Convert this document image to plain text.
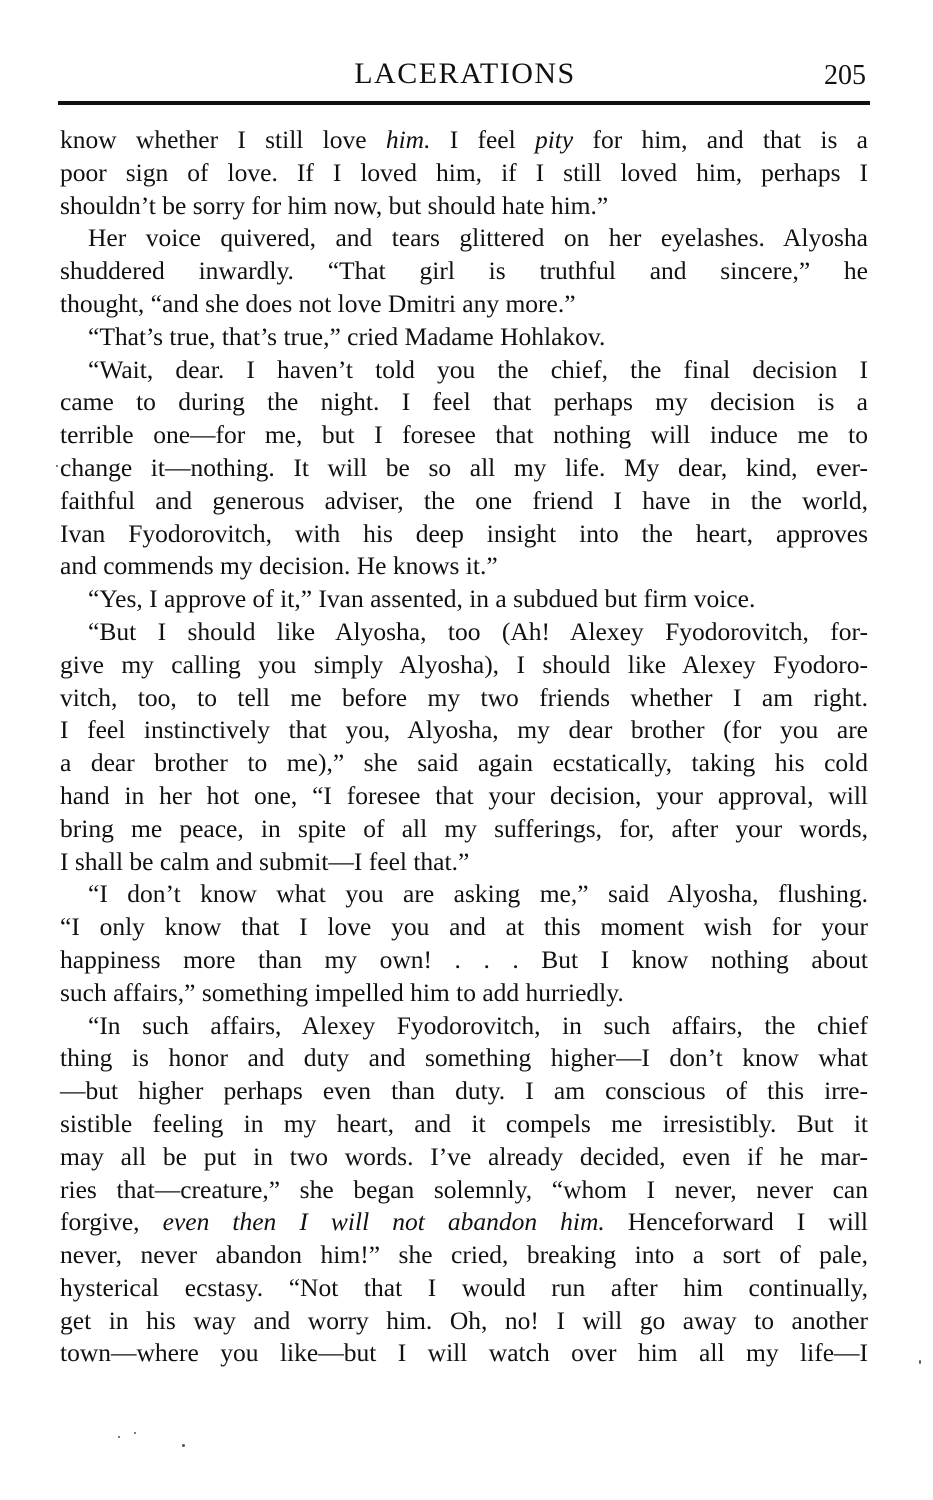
LACERATIONS	205
know whether I still love him. I feel pity for him, and that is a
poor sign of love. If I loved him, if I still loved him, perhaps I
shouldn’t be sorry for him now, but should hate him.”
Her voice quivered, and tears glittered on her eyelashes. Alyosha
shuddered inwardly. “That girl is truthful and sincere,” he
thought, “and she does not love Dmitri any more.”
“That’s true, that’s true,” cried Madame Hohlakov.
“Wait, dear. I haven’t told you the chief, the final decision I
came to during the night. I feel that perhaps my decision is a
terrible one—for me, but I foresee that nothing will induce me to
change it—nothing. It will be so all my life. My dear, kind, ever-
faithful and generous adviser, the one friend I have in the world,
Ivan Fyodorovitch, with his deep insight into the heart, approves
and commends my decision. He knows it.”
“Yes, I approve of it,” Ivan assented, in a subdued but firm voice.
“But I should like Alyosha, too (Ah! Alexey Fyodorovitch, for-
give my calling you simply Alyosha), I should like Alexey Fyodoro-
vitch, too, to tell me before my two friends whether I am right.
I feel instinctively that you, Alyosha, my dear brother (for you are
a dear brother to me),” she said again ecstatically, taking his cold
hand in her hot one, “I foresee that your decision, your approval, will
bring me peace, in spite of all my sufferings, for, after your words,
I shall be calm and submit—I feel that.”
“I don’t know what you are asking me,” said Alyosha, flushing.
“I only know that I love you and at this moment wish for your
happiness more than my own! . . . But I know nothing about
such affairs,” something impelled him to add hurriedly.
“In such affairs, Alexey Fyodorovitch, in such affairs, the chief
thing is honor and duty and something higher—I don’t know what
—but higher perhaps even than duty. I am conscious of this irre-
sistible feeling in my heart, and it compels me irresistibly. But it
may all be put in two words. I’ve already decided, even if he mar-
ries that—creature,” she began solemnly, “whom I never, never can
forgive, even then I will not abandon him. Henceforward I will
never, never abandon him!” she cried, breaking into a sort of pale,
hysterical ecstasy. “Not that I would run after him continually,
get in his way and worry him. Oh, no! I will go away to another
town—where you like—but I will watch over him all my life—I
